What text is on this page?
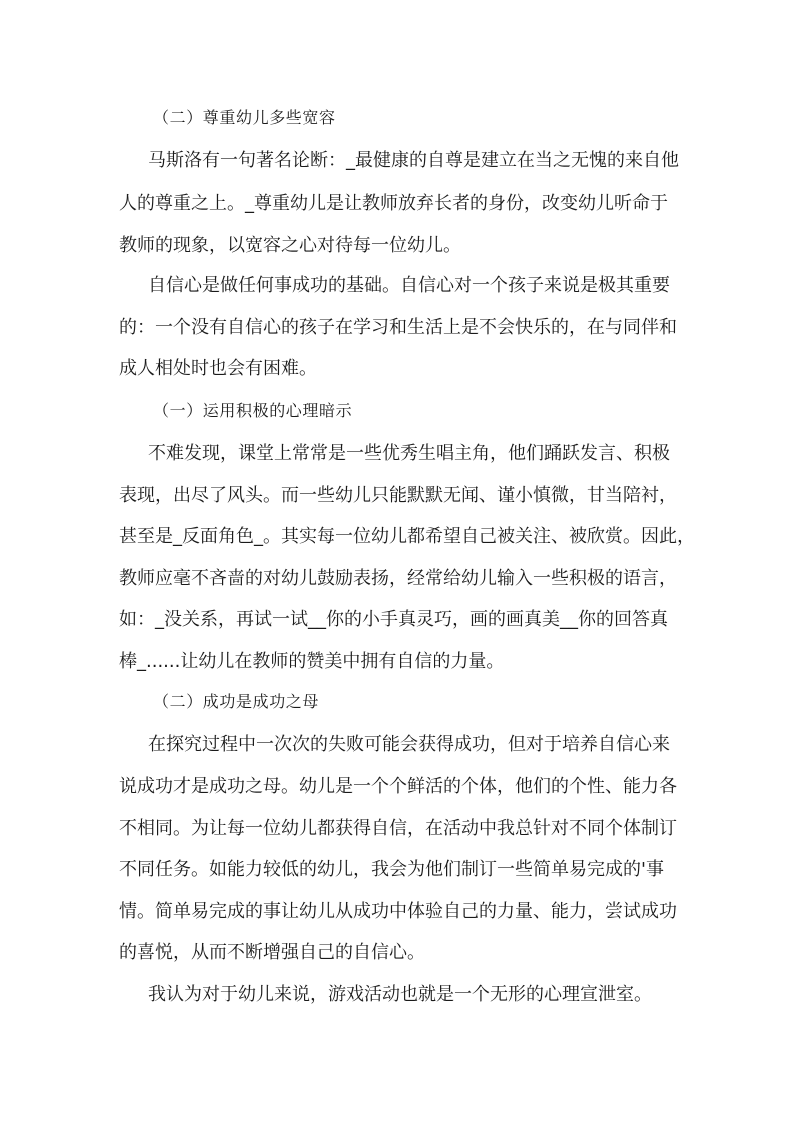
（二）尊重幼儿多些宽容

马斯洛有一句著名论断：_最健康的自尊是建立在当之无愧的来自他

人的尊重之上。_尊重幼儿是让教师放弃长者的身份，改变幼儿听命于

教师的现象，以宽容之心对待每一位幼儿。

自信心是做任何事成功的基础。自信心对一个孩子来说是极其重要

的：一个没有自信心的孩子在学习和生活上是不会快乐的，在与同伴和

成人相处时也会有困难。

（一）运用积极的心理暗示

不难发现，课堂上常常是一些优秀生唱主角，他们踊跃发言、积极

表现，出尽了风头。而一些幼儿只能默默无闻、谨小慎微，甘当陪衬，

甚至是_反面角色_。其实每一位幼儿都希望自己被关注、被欣赏。因此，

教师应毫不吝啬的对幼儿鼓励表扬，经常给幼儿输入一些积极的语言，

如：_没关系，再试一试__你的小手真灵巧，画的画真美__你的回答真

棒_......让幼儿在教师的赞美中拥有自信的力量。

（二）成功是成功之母

在探究过程中一次次的失败可能会获得成功，但对于培养自信心来

说成功才是成功之母。幼儿是一个个鲜活的个体，他们的个性、能力各

不相同。为让每一位幼儿都获得自信，在活动中我总针对不同个体制订

不同任务。如能力较低的幼儿，我会为他们制订一些简单易完成的'事

情。简单易完成的事让幼儿从成功中体验自己的力量、能力，尝试成功

的喜悦，从而不断增强自己的自信心。

我认为对于幼儿来说，游戏活动也就是一个无形的心理宣泄室。
